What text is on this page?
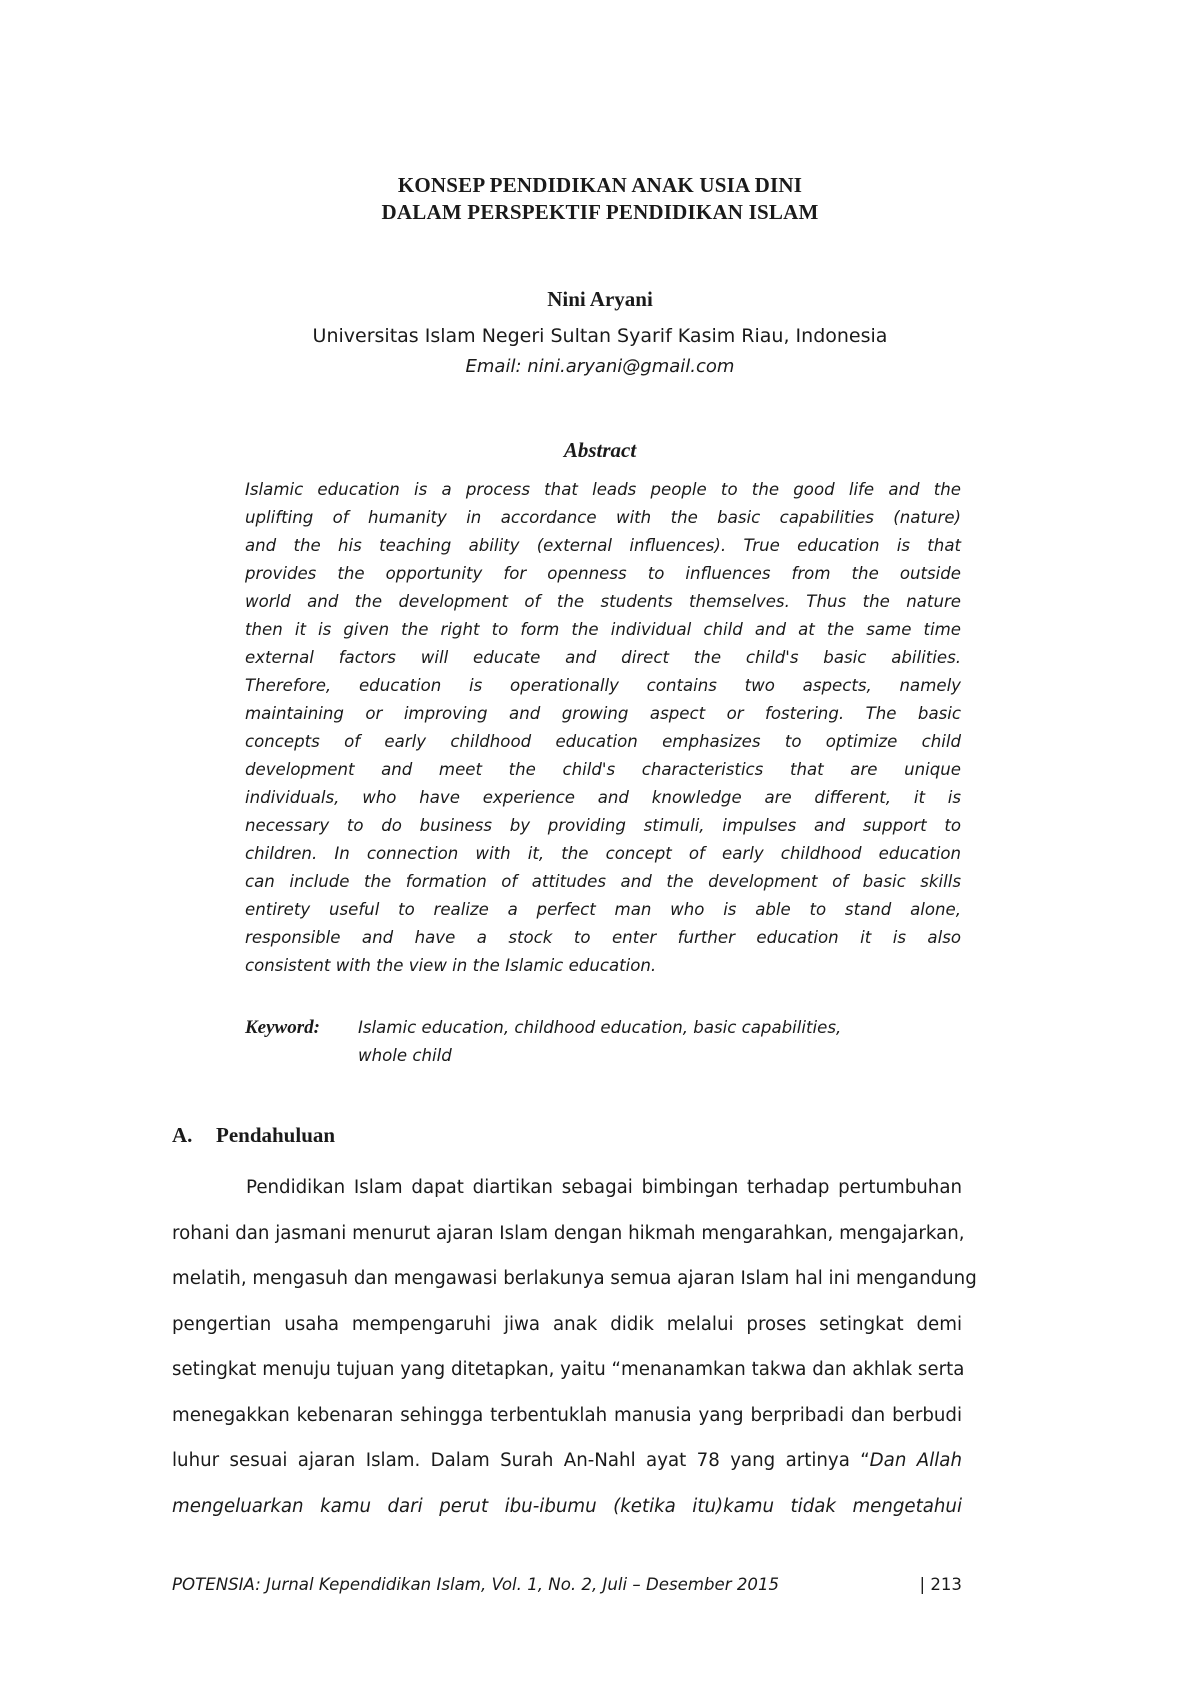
KONSEP PENDIDIKAN ANAK USIA DINI
DALAM PERSPEKTIF PENDIDIKAN ISLAM
Nini Aryani
Universitas Islam Negeri Sultan Syarif Kasim Riau, Indonesia
Email: nini.aryani@gmail.com
Abstract
Islamic education is a process that leads people to the good life and the
uplifting of humanity in accordance with the basic capabilities (nature)
and the his teaching ability (external influences). True education is that
provides the opportunity for openness to influences from the outside
world and the development of the students themselves. Thus the nature
then it is given the right to form the individual child and at the same time
external factors will educate and direct the child's basic abilities.
Therefore, education is operationally contains two aspects, namely
maintaining or improving and growing aspect or fostering. The basic
concepts of early childhood education emphasizes to optimize child
development and meet the child's characteristics that are unique
individuals, who have experience and knowledge are different, it is
necessary to do business by providing stimuli, impulses and support to
children. In connection with it, the concept of early childhood education
can include the formation of attitudes and the development of basic skills
entirety useful to realize a perfect man who is able to stand alone,
responsible and have a stock to enter further education it is also
consistent with the view in the Islamic education.
Keyword: Islamic education, childhood education, basic capabilities,
whole child
A. Pendahuluan
Pendidikan Islam dapat diartikan sebagai bimbingan terhadap pertumbuhan
rohani dan jasmani menurut ajaran Islam dengan hikmah mengarahkan, mengajarkan,
melatih, mengasuh dan mengawasi berlakunya semua ajaran Islam hal ini mengandung
pengertian usaha mempengaruhi jiwa anak didik melalui proses setingkat demi
setingkat menuju tujuan yang ditetapkan, yaitu “menanamkan takwa dan akhlak serta
menegakkan kebenaran sehingga terbentuklah manusia yang berpribadi dan berbudi
luhur sesuai ajaran Islam. Dalam Surah An-Nahl ayat 78 yang artinya “Dan Allah
mengeluarkan kamu dari perut ibu-ibumu (ketika itu)kamu tidak mengetahui
POTENSIA: Jurnal Kependidikan Islam, Vol. 1, No. 2, Juli – Desember 2015	| 213
